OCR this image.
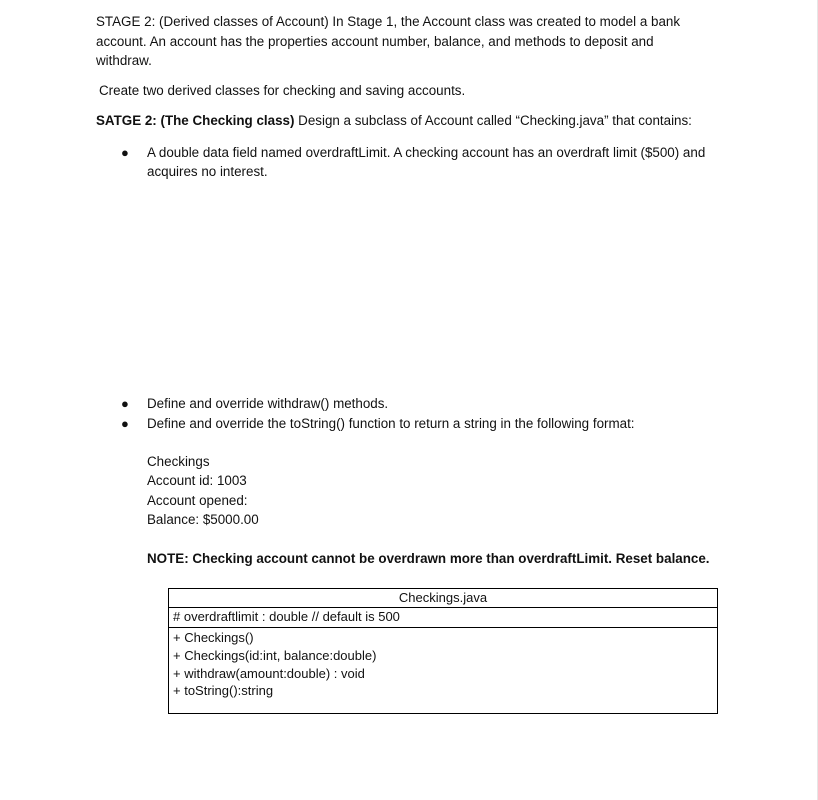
STAGE 2: (Derived classes of Account) In Stage 1, the Account class was created to model a bank
account. An account has the properties account number, balance, and methods to deposit and
withdraw.

Create two derived classes for checking and saving accounts.

SATGE 2: (The Checking class) Design a subclass of Account called “Checking.java” that contains:

● A double data field named overdraftLimit. A checking account has an overdraft limit ($500) and
acquires no interest.
● Define and override withdraw() methods.
● Define and override the toString() function to return a string in the following format:
Checkings
Account id: 1003
Account opened:
Balance: $5000.00
NOTE: Checking account cannot be overdrawn more than overdraftLimit. Reset balance.
Checkings.java
# overdraftlimit : double // default is 500
+ Checkings()
+ Checkings(id:int, balance:double)
+ withdraw(amount:double) : void
+ toString():string
